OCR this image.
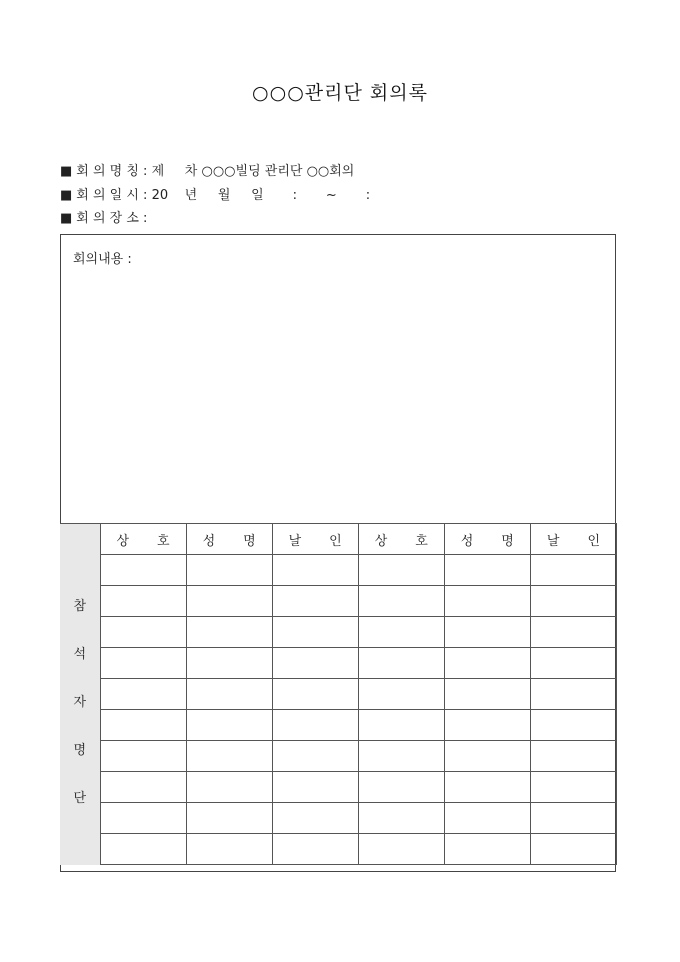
○○○관리단 회의록
■ 회 의 명 칭 : 제     차 ○○○빌딩 관리단 ○○회의
■ 회 의 일 시 : 20    년     월     일       :       ~       :
■ 회 의 장 소 :
회의내용 :
참
석
자
명
단	상 호	성 명	날 인	상 호	성 명	날 인
